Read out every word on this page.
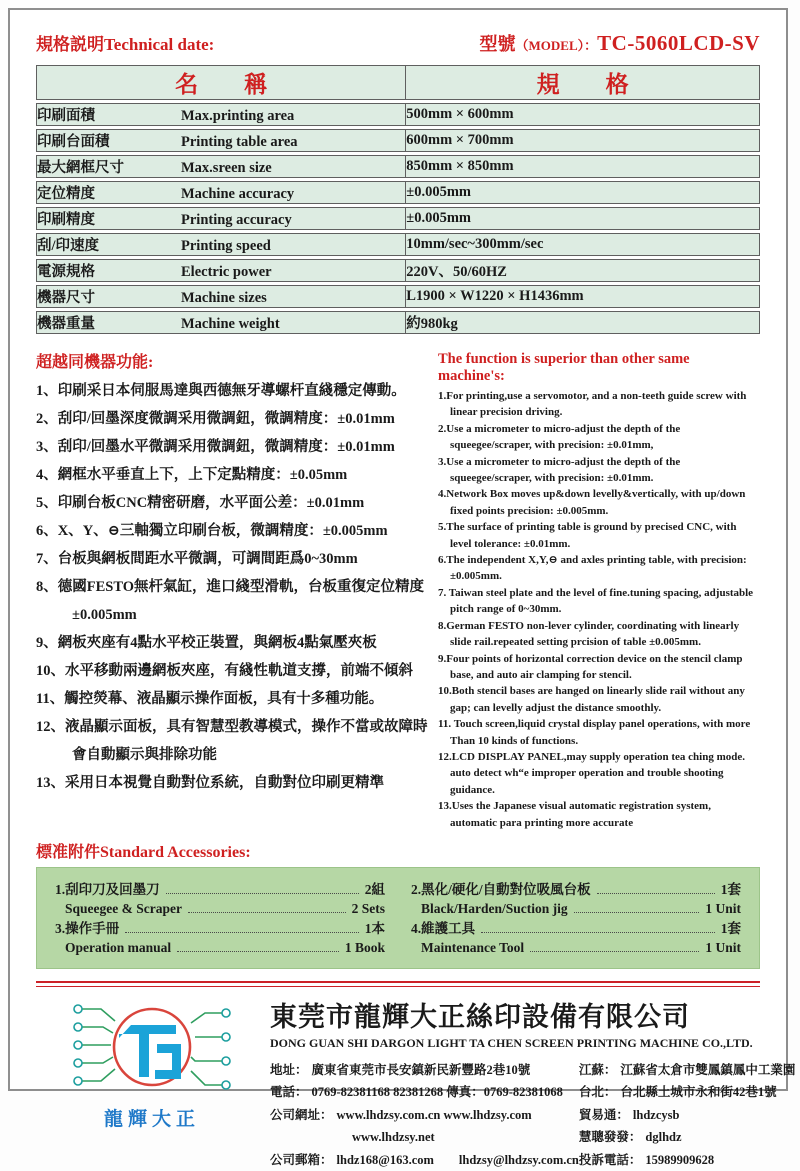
規格説明Technical date:	型號（MODEL）：TC-5060LCD-SV
名　　稱	規　　格
印刷面積 Max.printing area	500mm × 600mm
印刷台面積 Printing table area	600mm × 700mm
最大網框尺寸 Max.sreen size	850mm × 850mm
定位精度 Machine accuracy	±0.005mm
印刷精度 Printing accuracy	±0.005mm
刮/印速度 Printing speed	10mm/sec~300mm/sec
電源規格 Electric power	220V、50/60HZ
機器尺寸 Machine sizes	L1900 × W1220 × H1436mm
機器重量 Machine weight	約980kg
超越同機器功能:
1、印刷采日本伺服馬達與西德無牙導螺杆直綫穩定傳動。
2、刮印/回墨深度微調采用微調鈕，微調精度：±0.01mm
3、刮印/回墨水平微調采用微調鈕，微調精度：±0.01mm
4、網框水平垂直上下，上下定點精度：±0.05mm
5、印刷台板CNC精密研磨，水平面公差：±0.01mm
6、X、Y、⊖三軸獨立印刷台板，微調精度：±0.005mm
7、台板與網板間距水平微調，可調間距爲0~30mm
8、德國FESTO無杆氣缸，進口綫型滑軌，台板重復定位精度±0.005mm
9、網板夾座有4點水平校正裝置，與網板4點氣壓夾板
10、水平移動兩邊網板夾座，有綫性軌道支撐，前端不傾斜
11、觸控熒幕、液晶顯示操作面板，具有十多種功能。
12、液晶顯示面板，具有智慧型教導模式，操作不當或故障時會自動顯示與排除功能
13、采用日本視覺自動對位系統，自動對位印刷更精準
The function is superior than other same machine's:
1.For printing,use a servomotor, and a non-teeth guide screw with linear precision driving.
2.Use a micrometer to micro-adjust the depth of the squeegee/scraper, with precision: ±0.01mm,
3.Use a micrometer to micro-adjust the depth of the squeegee/scraper, with precision: ±0.01mm.
4.Network Box moves up&down levelly&vertically, with up/down fixed points precision: ±0.005mm.
5.The surface of printing table is ground by precised CNC, with level tolerance: ±0.01mm.
6.The independent X,Y,⊖ and axles printing table, with precision: ±0.005mm.
7. Taiwan steel plate and the level of fine.tuning spacing, adjustable pitch range of 0~30mm.
8.German FESTO non-lever cylinder, coordinating with linearly slide rail.repeated setting prcision of table ±0.005mm.
9.Four points of horizontal correction device on the stencil clamp base, and auto air clamping for stencil.
10.Both stencil bases are hanged on linearly slide rail without any gap; can levelly adjust the distance smoothly.
11. Touch screen,liquid crystal display panel operations, with more Than 10 kinds of functions.
12.LCD DISPLAY PANEL,may supply operation tea ching mode. auto detect wh“e improper operation and trouble shooting guidance.
13.Uses the Japanese visual automatic registration system, automatic para printing more accurate
標准附件Standard Accessories:
1.刮印刀及回墨刀	2組
Squeegee & Scraper	2 Sets
3.操作手冊	1本
Operation manual	1 Book
2.黑化/硬化/自動對位吸風台板	1套
Black/Harden/Suction jig	1 Unit
4.維護工具	1套
Maintenance Tool	1 Unit
龍輝大正
東莞市龍輝大正絲印設備有限公司
DONG GUAN SHI DARGON LIGHT TA CHEN SCREEN PRINTING MACHINE CO.,LTD.
地址： 廣東省東莞市長安鎮新民新豐路2巷10號
電話： 0769-82381168 82381268 傳真：0769-82381068
公司網址： www.lhdzsy.com.cn www.lhdzsy.com
www.lhdzsy.net
公司郵箱： lhdz168@163.com　　lhdzsy@lhdzsy.com.cn
江蘇： 江蘇省太倉市雙鳳鎮鳳中工業園
台北： 台北縣土城市永和街42巷1號
貿易通： lhdzcysb
慧聰發發： dglhdz
投訴電話： 15989909628
